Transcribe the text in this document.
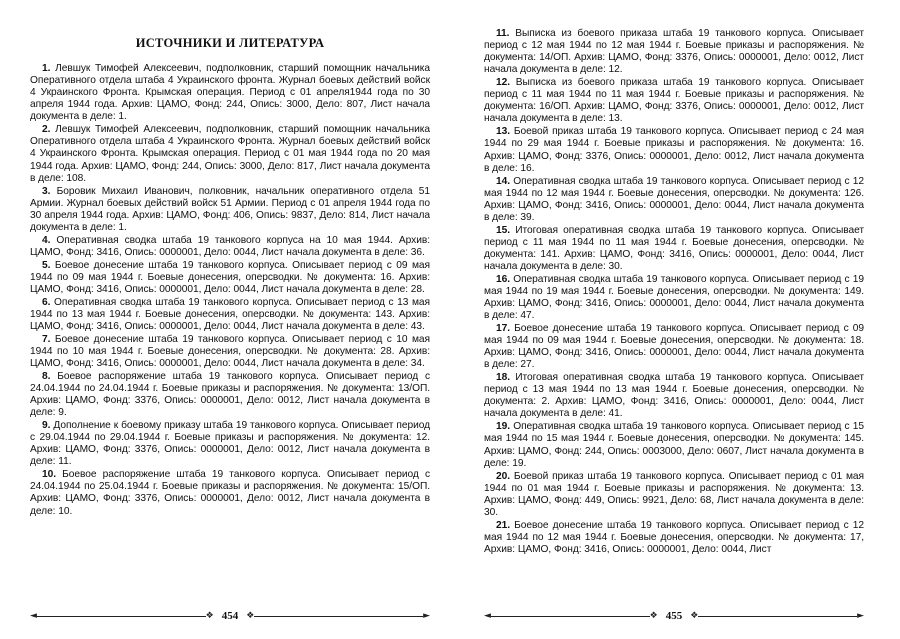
ИСТОЧНИКИ И ЛИТЕРАТУРА

1. Левшук Тимофей Алексеевич, подполковник, старший помощник начальника Оперативного отдела штаба 4 Украинского фронта. Журнал боевых действий войск 4 Украинского Фронта. Крымская операция. Период с 01 апреля1944 года по 30 апреля 1944 года. Архив: ЦАМО, Фонд: 244, Опись: 3000, Дело: 807, Лист начала документа в деле: 1.

2. Левшук Тимофей Алексеевич, подполковник, старший помощник начальника Оперативного отдела штаба 4 Украинского Фронта. Журнал боевых действий войск 4 Украинского Фронта. Крымская операция. Период с 01 мая 1944 года по 20 мая 1944 года. Архив: ЦАМО, Фонд: 244, Опись: 3000, Дело: 817, Лист начала документа в деле: 108.

3. Боровик Михаил Иванович, полковник, начальник оперативного отдела 51 Армии. Журнал боевых действий войск 51 Армии. Период с 01 апреля 1944 года по 30 апреля 1944 года. Архив: ЦАМО, Фонд: 406, Опись: 9837, Дело: 814, Лист начала документа в деле: 1.

4. Оперативная сводка штаба 19 танкового корпуса на 10 мая 1944. Архив: ЦАМО, Фонд: 3416, Опись: 0000001, Дело: 0044, Лист начала документа в деле: 36.

5. Боевое донесение штаба 19 танкового корпуса. Описывает период с 09 мая 1944 по 09 мая 1944 г. Боевые донесения, оперсводки. № документа: 16. Архив: ЦАМО, Фонд: 3416, Опись: 0000001, Дело: 0044, Лист начала документа в деле: 28.

6. Оперативная сводка штаба 19 танкового корпуса. Описывает период с 13 мая 1944 по 13 мая 1944 г. Боевые донесения, оперсводки. № документа: 143. Архив: ЦАМО, Фонд: 3416, Опись: 0000001, Дело: 0044, Лист начала документа в деле: 43.

7. Боевое донесение штаба 19 танкового корпуса. Описывает период с 10 мая 1944 по 10 мая 1944 г. Боевые донесения, оперсводки. № документа: 28. Архив: ЦАМО, Фонд: 3416, Опись: 0000001, Дело: 0044, Лист начала документа в деле: 34.

8. Боевое распоряжение штаба 19 танкового корпуса. Описывает период с 24.04.1944 по 24.04.1944 г. Боевые приказы и распоряжения. № документа: 13/ОП. Архив: ЦАМО, Фонд: 3376, Опись: 0000001, Дело: 0012, Лист начала документа в деле: 9.

9. Дополнение к боевому приказу штаба 19 танкового корпуса. Описывает период с 29.04.1944 по 29.04.1944 г. Боевые приказы и распоряжения. № документа: 12. Архив: ЦАМО, Фонд: 3376, Опись: 0000001, Дело: 0012, Лист начала документа в деле: 11.

10. Боевое распоряжение штаба 19 танкового корпуса. Описывает период с 24.04.1944 по 25.04.1944 г. Боевые приказы и распоряжения. № документа: 15/ОП. Архив: ЦАМО, Фонд: 3376, Опись: 0000001, Дело: 0012, Лист начала документа в деле: 10.

◄	❖ 454 ❖	►

11. Выписка из боевого приказа штаба 19 танкового корпуса. Описывает период с 12 мая 1944 по 12 мая 1944 г. Боевые приказы и распоряжения. № документа: 14/ОП. Архив: ЦАМО, Фонд: 3376, Опись: 0000001, Дело: 0012, Лист начала документа в деле: 12.

12. Выписка из боевого приказа штаба 19 танкового корпуса. Описывает период с 11 мая 1944 по 11 мая 1944 г. Боевые приказы и распоряжения. № документа: 16/ОП. Архив: ЦАМО, Фонд: 3376, Опись: 0000001, Дело: 0012, Лист начала документа в деле: 13.

13. Боевой приказ штаба 19 танкового корпуса. Описывает период с 24 мая 1944 по 29 мая 1944 г. Боевые приказы и распоряжения. № документа: 16. Архив: ЦАМО, Фонд: 3376, Опись: 0000001, Дело: 0012, Лист начала документа в деле: 16.

14. Оперативная сводка штаба 19 танкового корпуса. Описывает период с 12 мая 1944 по 12 мая 1944 г. Боевые донесения, оперсводки. № документа: 126. Архив: ЦАМО, Фонд: 3416, Опись: 0000001, Дело: 0044, Лист начала документа в деле: 39.

15. Итоговая оперативная сводка штаба 19 танкового корпуса. Описывает период с 11 мая 1944 по 11 мая 1944 г. Боевые донесения, оперсводки. № документа: 141. Архив: ЦАМО, Фонд: 3416, Опись: 0000001, Дело: 0044, Лист начала документа в деле: 30.

16. Оперативная сводка штаба 19 танкового корпуса. Описывает период с 19 мая 1944 по 19 мая 1944 г. Боевые донесения, оперсводки. № документа: 149. Архив: ЦАМО, Фонд: 3416, Опись: 0000001, Дело: 0044, Лист начала документа в деле: 47.

17. Боевое донесение штаба 19 танкового корпуса. Описывает период с 09 мая 1944 по 09 мая 1944 г. Боевые донесения, оперсводки. № документа: 18. Архив: ЦАМО, Фонд: 3416, Опись: 0000001, Дело: 0044, Лист начала документа в деле: 27.

18. Итоговая оперативная сводка штаба 19 танкового корпуса. Описывает период с 13 мая 1944 по 13 мая 1944 г. Боевые донесения, оперсводки. № документа: 2. Архив: ЦАМО, Фонд: 3416, Опись: 0000001, Дело: 0044, Лист начала документа в деле: 41.

19. Оперативная сводка штаба 19 танкового корпуса. Описывает период с 15 мая 1944 по 15 мая 1944 г. Боевые донесения, оперсводки. № документа: 145. Архив: ЦАМО, Фонд: 244, Опись: 0003000, Дело: 0607, Лист начала документа в деле: 19.

20. Боевой приказ штаба 19 танкового корпуса. Описывает период с 01 мая 1944 по 01 мая 1944 г. Боевые приказы и распоряжения. № документа: 13. Архив: ЦАМО, Фонд: 449, Опись: 9921, Дело: 68, Лист начала документа в деле: 30.

21. Боевое донесение штаба 19 танкового корпуса. Описывает период с 12 мая 1944 по 12 мая 1944 г. Боевые донесения, оперсводки. № документа: 17, Архив: ЦАМО, Фонд: 3416, Опись: 0000001, Дело: 0044, Лист

◄	❖ 455 ❖	►
